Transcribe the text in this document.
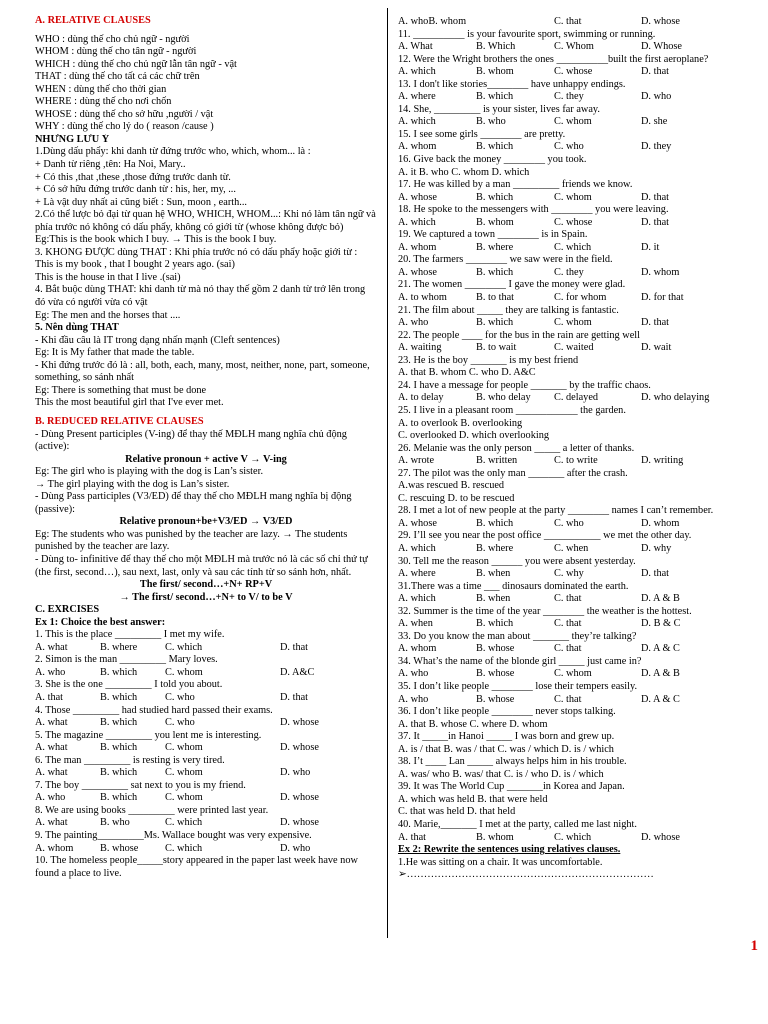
A. RELATIVE CLAUSES
WHO : dùng thế cho chủ ngữ - người
WHOM : dùng thế cho tân ngữ - người
WHICH : dùng thế cho chủ ngữ lẫn tân ngữ - vật
THAT : dùng thế cho tất cả các chữ trên
WHEN : dùng thế cho thời gian
WHERE : dùng thế cho nơi chốn
WHOSE : dùng thế cho sở hữu ,người / vật
WHY : dùng thế cho lý do ( reason /cause )
NHỮNG LƯU Ý
1.Dùng dấu phẩy: khi danh từ đứng trước who, which, whom... là :
+ Danh từ riêng ,tên: Ha Noi, Mary..
+ Có this ,that ,these ,those đứng trước danh từ.
+ Có sở hữu đứng trước danh từ : his, her, my, ...
+ Là vật duy nhất ai cũng biết : Sun, moon , earth...
2.Có thể lược bỏ đại từ quan hệ WHO, WHICH, WHOM...: Khi nó làm tân ngữ và phía trước nó không có dấu phẩy, không có giới từ (whose không được bỏ)
Eg:This is the book which I buy. → This is the book I buy.
3. KHÔNG ĐƯỢC dùng THAT : Khi phía trước nó có dấu phẩy hoặc giới từ :
This is my book , that I bought 2 years ago. (sai)
This is the house in that I live .(sai)
4. Bắt buộc dùng THAT: khi danh từ mà nó thay thế gồm 2 danh từ trở lên trong đó vừa có người vừa có vật
Eg: The men and the horses that ....
5. Nên dùng THAT
- Khi đầu câu là IT trong dạng nhấn mạnh (Cleft sentences)
Eg: It is My father that made the table.
- Khi đứng trước đó là : all, both, each, many, most, neither, none, part, someone, something, so sánh nhất
Eg: There is something that must be done
This the most beautiful girl that I've ever met.
B. REDUCED RELATIVE CLAUSES
- Dùng Present participles (V-ing) để thay thế MĐLH mang nghĩa chủ động (active):
Relative pronoun + active V → V-ing
Eg: The girl who is playing with the dog is Lan’s sister.
→ The girl playing with the dog is Lan’s sister.
- Dùng Pass participles (V3/ED) để thay thế cho MĐLH mang nghĩa bị động (passive):
Relative pronoun+be+V3/ED → V3/ED
Eg: The students who was punished by the teacher are lazy. → The students punished by the teacher are lazy.
- Dùng to- infinitive để thay thế cho một MĐLH mà trước nó là các số chỉ thứ tự (the first, second…), sau next, last, only và sau các tính từ so sánh hơn, nhất.
The first/ second…+N+ RP+V
→ The first/ second…+N+ to V/ to be V
C. EXRCISES
Ex 1: Choice the best answer:
1. This is the place _________ I met my wife.
A. what	B. where	C. which	D. that
2. Simon is the man _________ Mary loves.
A. who	B. which	C. whom	D. A&C
3. She is the one _________ I told you about.
A. that	B. which	C. who	D. that
4. Those _________ had studied hard passed their exams.
A. what	B. which	C. who	D. whose
5. The magazine _________ you lent me is interesting.
A. what	B. which	C. whom	D. whose
6. The man _________ is resting is very tired.
A. what	B. which	C. whom	D. who
7. The boy _________ sat next to you is my friend.
A. who	B. which	C. whom	D. whose
8. We are using books _________ were printed last year.
A. what	B. who	C. which	D. whose
9. The painting_________Ms. Wallace bought was very expensive.
A. whom	B. whose	C. which	D. who
10. The homeless people_____story appeared in the paper last week have now found a place to live.
A. whoB. whom	C. that	D. whose
11. __________ is your favourite sport, swimming or running.
A. What	B. Which	C. Whom	D. Whose
12. Were the Wright brothers the ones __________built the first aeroplane?
A. which	B. whom	C. whose	D. that
13. I don't like stories________ have unhappy endings.
A. where	B. which	C. they	D. who
14. She, _________ is your sister, lives far away.
A. which	B. who	C. whom	D. she
15. I see some girls ________ are pretty.
A. whom	B. which	C. who	D. they
16. Give back the money ________ you took.
A. it B. who C. whom D. which
17. He was killed by a man _________ friends we know.
A. whose	B. which	C. whom	D. that
18. He spoke to the messengers with ________ you were leaving.
A. which	B. whom	C. whose	D. that
19. We captured a town ________ is in Spain.
A. whom	B. where	C. which	D. it
20. The farmers ________ we saw were in the field.
A. whose	B. which	C. they	D. whom
21. The women ________ I gave the money were glad.
A. to whom	B. to that	C. for whom	D. for that
21. The film about _____ they are talking is fantastic.
A. who	B. which	C. whom	D. that
22. The people ____ for the bus in the rain are getting well
A. waiting	B. to wait	C. waited	D. wait
23. He is the boy _______ is my best friend
A. that B. whom C. who D. A&C
24. I have a message for people _______ by the traffic chaos.
A. to delay	B. who delay	C. delayed	D. who delaying
25. I live in a pleasant room ____________ the garden.
A. to overlook B. overlooking
C. overlooked D. which overlooking
26. Melanie was the only person _____ a letter of thanks.
A. wrote	B. written	C. to write	D. writing
27. The pilot was the only man _______ after the crash.
A.was rescued B. rescued
C. rescuing D. to be rescued
28. I met a lot of new people at the party ________ names I can’t remember.
A. whose	B. which	C. who	D. whom
29. I’ll see you near the post office ___________ we met the other day.
A. which	B. where	C. when	D. why
30. Tell me the reason ______ you were absent yesterday.
A. where	B. when	C. why	D. that
31.There was a time ___ dinosaurs dominated the earth.
A. which	B. when	C. that	D. A & B
32. Summer is the time of the year ________ the weather is the hottest.
A. when	B. which	C. that	D. B & C
33. Do you know the man about _______ they’re talking?
A. whom	B. whose	C. that	D. A & C
34. What’s the name of the blonde girl _____ just came in?
A. who	B. whose	C. whom	D. A & B
35. I don’t like people ________ lose their tempers easily.
A. who	B. whose	C. that	D. A & C
36. I don’t like people ________ never stops talking.
A. that B. whose C. where D. whom
37. It _____in Hanoi _____ I was born and grew up.
A. is / that B. was / that C. was / which D. is / which
38. I’t ____ Lan _____ always helps him in his trouble.
A. was/ who B. was/ that C. is / who D. is / which
39. It was The World Cup _______in Korea and Japan.
A. which was held B. that were held
C. that was held D. that held
40. Marie,_______ I met at the party, called me last night.
A. that	B. whom	C. which	D. whose
Ex 2: Rewrite the sentences using relatives clauses.
1.He was sitting on a chair. It was uncomfortable.
➢………………………………………………………………
1
